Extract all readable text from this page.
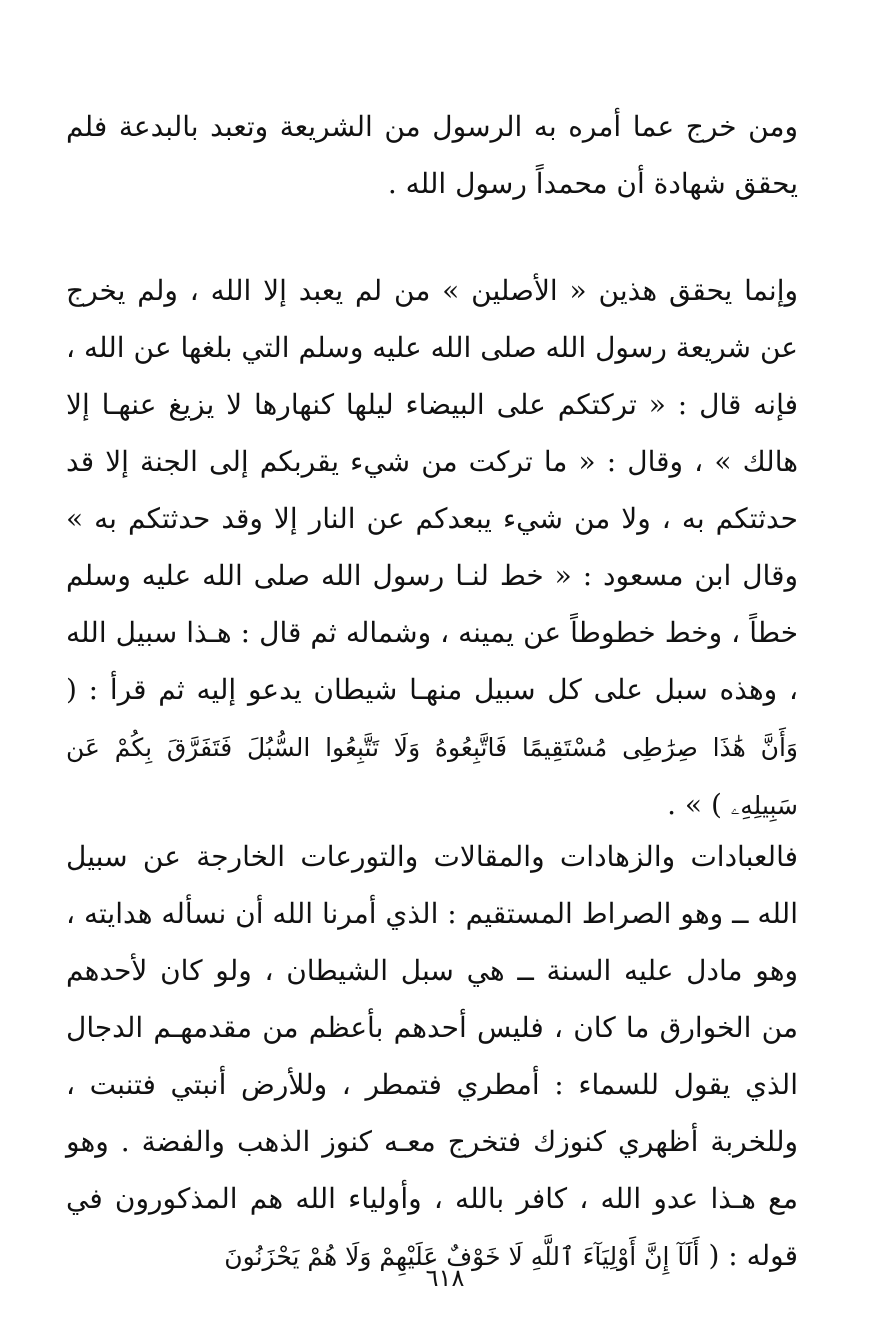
ومن خرج عما أمره به الرسول من الشريعة وتعبد بالبدعة فلم يحقق شهادة أن محمداً رسول الله .

وإنما يحقق هذين « الأصلين » من لم يعبد إلا الله ، ولم يخرج عن شريعة رسول الله صلى الله عليه وسلم التي بلغها عن الله ، فإنه قال : « تركتكم على البيضاء ليلها كنهارها لا يزيغ عنهـا إلا هالك » ، وقال : « ما تركت من شيء يقربكم إلى الجنة إلا قد حدثتكم به ، ولا من شيء يبعدكم عن النار إلا وقد حدثتكم به » وقال ابن مسعود : « خط لنـا رسول الله صلى الله عليه وسلم خطاً ، وخط خطوطاً عن يمينه ، وشماله ثم قال : هـذا سبيل الله ، وهذه سبل على كل سبيل منهـا شيطان يدعو إليه ثم قرأ : ( وَأَنَّ هَٰذَا صِرَٰطِى مُسْتَقِيمًا فَاتَّبِعُوهُ وَلَا تَتَّبِعُوا السُّبُلَ فَتَفَرَّقَ بِكُمْ عَن سَبِيلِهِۦ ) » .

فالعبادات والزهادات والمقالات والتورعات الخارجة عن سبيل الله ــ وهو الصراط المستقيم : الذي أمرنا الله أن نسأله هدايته ، وهو مادل عليه السنة ــ هي سبل الشيطان ، ولو كان لأحدهم من الخوارق ما كان ، فليس أحدهم بأعظم من مقدمهـم الدجال الذي يقول للسماء : أمطري فتمطر ، وللأرض أنبتي فتنبت ، وللخربة أظهري كنوزك فتخرج معـه كنوز الذهب والفضة . وهو مع هـذا عدو الله ، كافر بالله ، وأولياء الله هم المذكورون في قوله : ( أَلَآ إِنَّ أَوْلِيَآءَ ٱللَّهِ لَا خَوْفٌ عَلَيْهِمْ وَلَا هُمْ يَحْزَنُونَ

٦١٨
